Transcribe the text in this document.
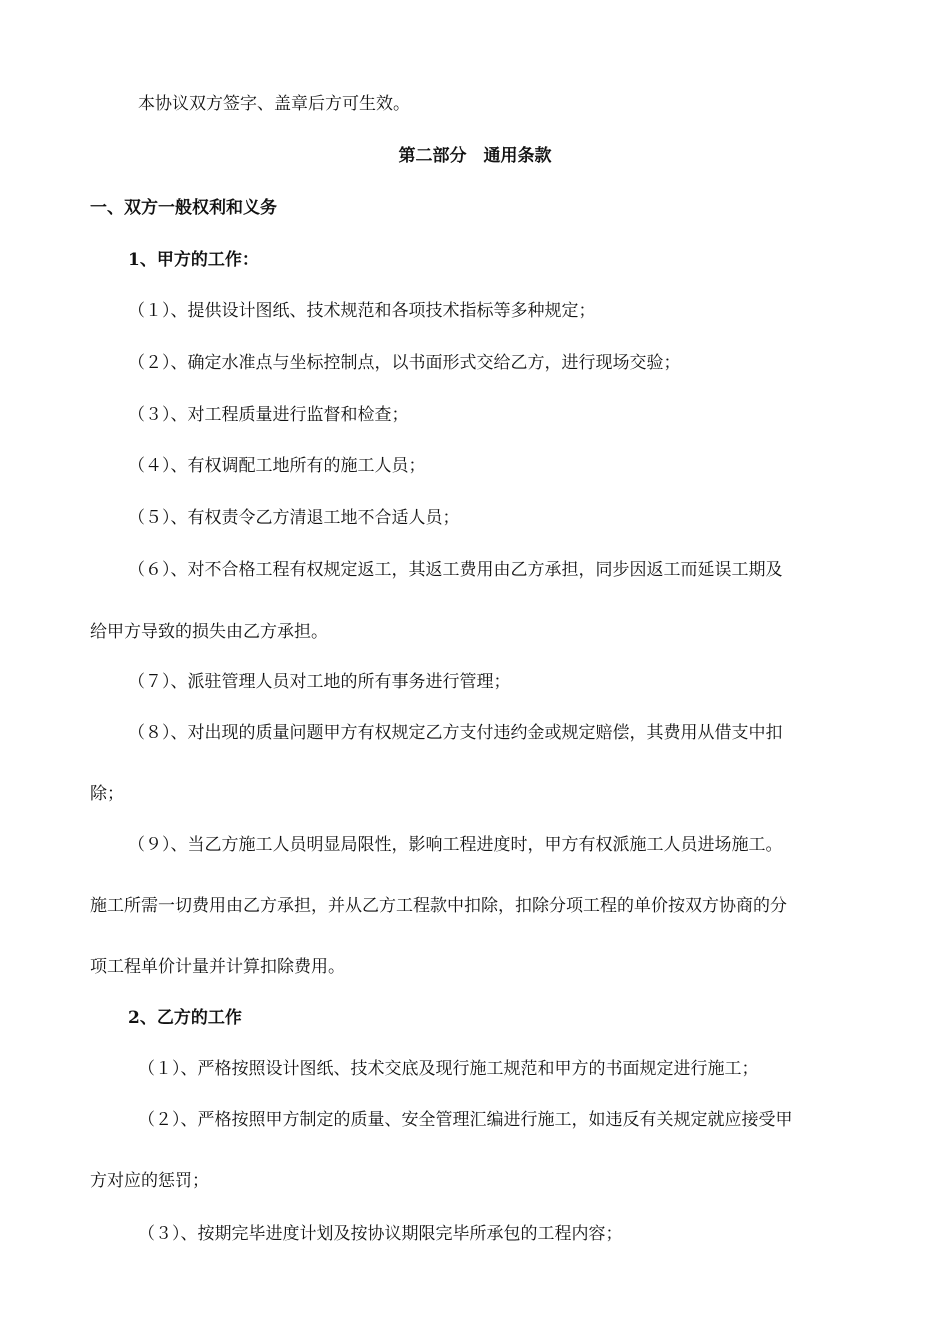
本协议双方签字、盖章后方可生效。
第二部分　通用条款
一、双方一般权利和义务
1、甲方的工作：
（１）、提供设计图纸、技术规范和各项技术指标等多种规定；
（２）、确定水准点与坐标控制点，以书面形式交给乙方，进行现场交验；
（３）、对工程质量进行监督和检查；
（４）、有权调配工地所有的施工人员；
（５）、有权责令乙方清退工地不合适人员；
（６）、对不合格工程有权规定返工，其返工费用由乙方承担，同步因返工而延误工期及
给甲方导致的损失由乙方承担。
（７）、派驻管理人员对工地的所有事务进行管理；
（８）、对出现的质量问题甲方有权规定乙方支付违约金或规定赔偿，其费用从借支中扣
除；
（９）、当乙方施工人员明显局限性，影响工程进度时，甲方有权派施工人员进场施工。
施工所需一切费用由乙方承担，并从乙方工程款中扣除，扣除分项工程的单价按双方协商的分
项工程单价计量并计算扣除费用。
2、乙方的工作
（１）、严格按照设计图纸、技术交底及现行施工规范和甲方的书面规定进行施工；
（２）、严格按照甲方制定的质量、安全管理汇编进行施工，如违反有关规定就应接受甲
方对应的惩罚；
（３）、按期完毕进度计划及按协议期限完毕所承包的工程内容；
